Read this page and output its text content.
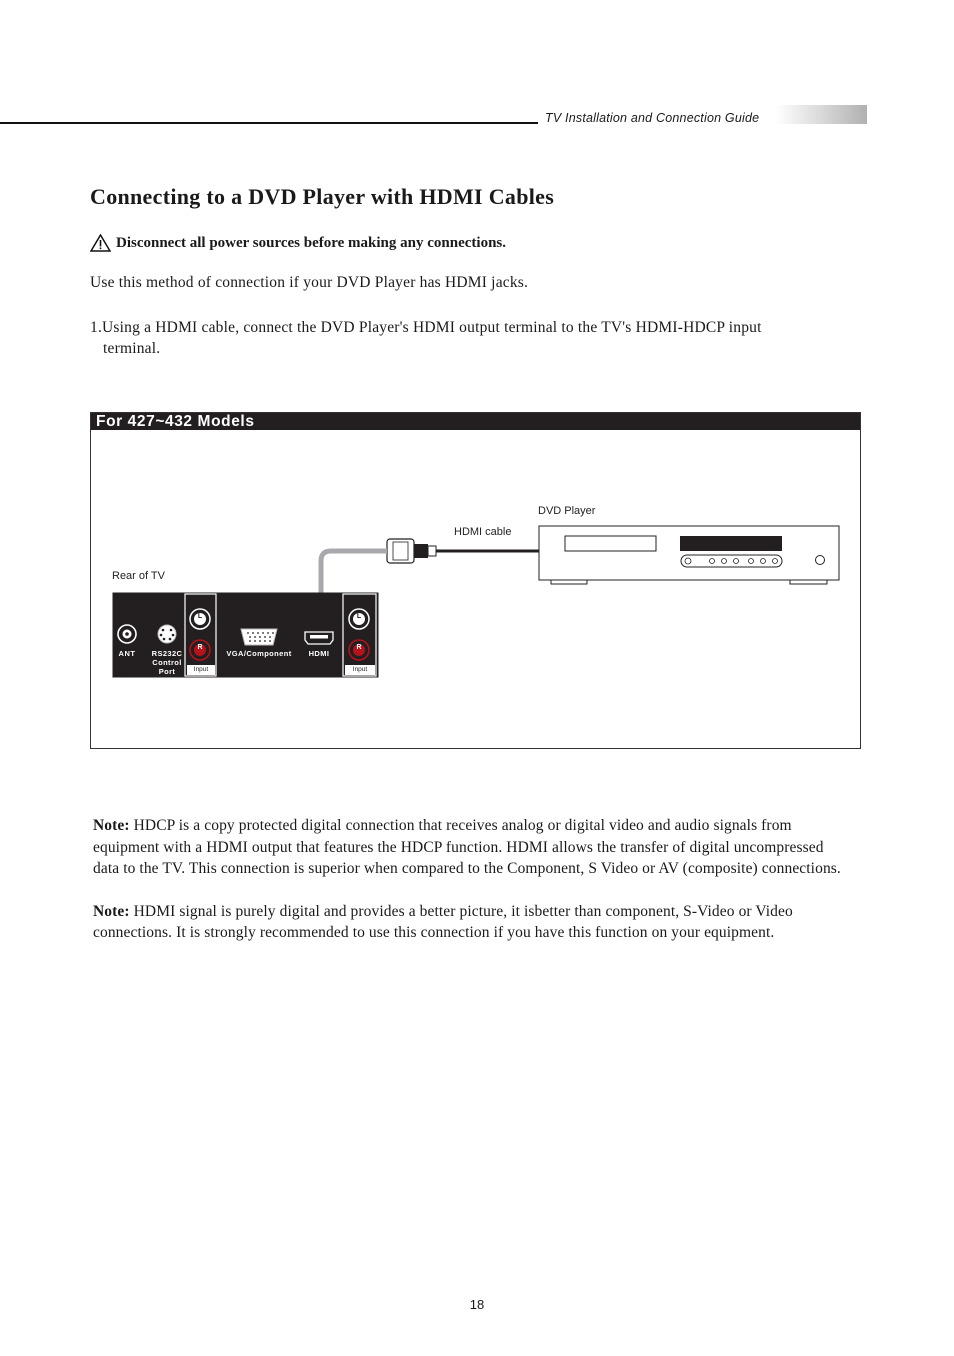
TV Installation and Connection Guide
Connecting to a DVD Player with HDMI Cables
Disconnect all power sources before making any connections.
Use this method of connection if your DVD Player has HDMI jacks.
1.Using a HDMI cable, connect the DVD Player's HDMI output terminal to the TV's HDMI-HDCP input
terminal.
For 427~432 Models
DVD Player
HDMI cable
Rear of TV
L
R
L
R
ANT	RS232C
Control
Port	Input
VGA/Component	HDMI
Input

Note: HDCP is a copy protected digital connection that receives analog or digital video and audio signals from equipment with a HDMI output that features the HDCP function. HDMI allows the transfer of digital uncompressed data to the TV. This connection is superior when compared to the Component, S Video or AV (composite) connections.

Note: HDMI signal is purely digital and provides a better picture, it isbetter than component, S-Video or Video connections. It is strongly recommended to use this connection if you have this function on your equipment.

18
